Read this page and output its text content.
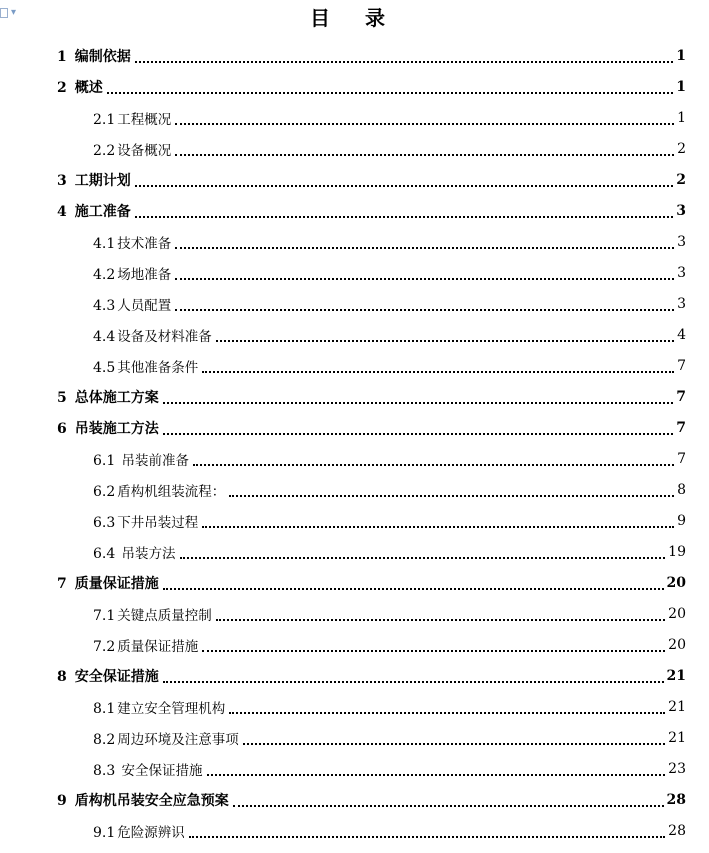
▾	目 录
1 编制依据	1
2 概述	1
2.1 工程概况	1
2.2 设备概况	2
3 工期计划	2
4 施工准备	3
4.1 技术准备	3
4.2 场地准备	3
4.3 人员配置	3
4.4 设备及材料准备	4
4.5 其他准备条件	7
5 总体施工方案	7
6 吊装施工方法	7
6.1 吊装前准备	7
6.2 盾构机组装流程：	8
6.3 下井吊装过程	9
6.4 吊装方法	19
7 质量保证措施	20
7.1 关键点质量控制	20
7.2 质量保证措施	20
8 安全保证措施	21
8.1 建立安全管理机构	21
8.2 周边环境及注意事项	21
8.3 安全保证措施	23
9 盾构机吊装安全应急预案	28
9.1 危险源辨识	28
